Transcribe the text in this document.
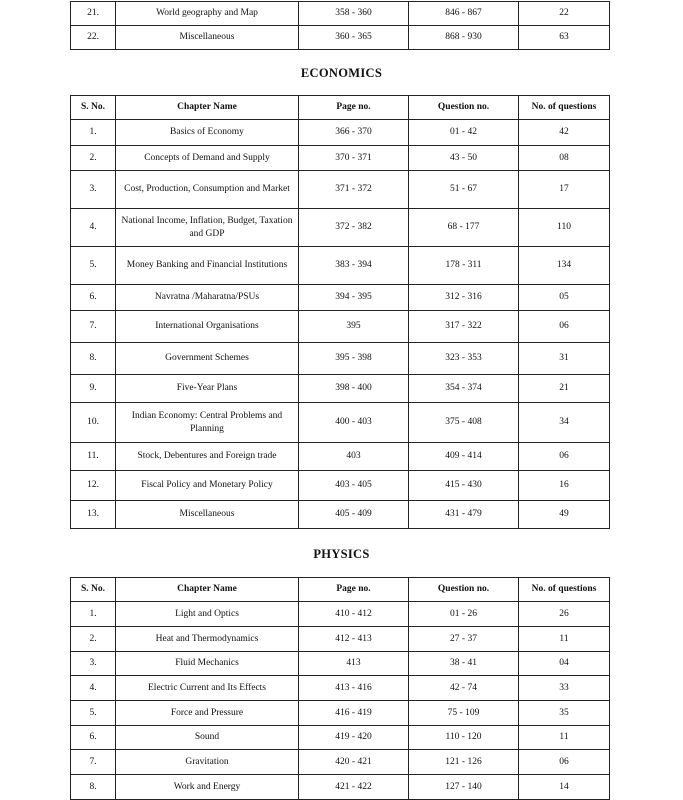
21.	World geography and Map	358 - 360	846 - 867	22
22.	Miscellaneous	360 - 365	868 - 930	63
ECONOMICS
S. No.	Chapter Name	Page no.	Question no.	No. of questions
1.	Basics of Economy	366 - 370	01 - 42	42
2.	Concepts of Demand and Supply	370 - 371	43 - 50	08
3.	Cost, Production, Consumption and Market	371 - 372	51 - 67	17
4.	National Income, Inflation, Budget, Taxation and GDP	372 - 382	68 - 177	110
5.	Money Banking and Financial Institutions	383 - 394	178 - 311	134
6.	Navratna /Maharatna/PSUs	394 - 395	312 - 316	05
7.	International Organisations	395	317 - 322	06
8.	Government Schemes	395 - 398	323 - 353	31
9.	Five-Year Plans	398 - 400	354 - 374	21
10.	Indian Economy: Central Problems and Planning	400 - 403	375 - 408	34
11.	Stock, Debentures and Foreign trade	403	409 - 414	06
12.	Fiscal Policy and Monetary Policy	403 - 405	415 - 430	16
13.	Miscellaneous	405 - 409	431 - 479	49
PHYSICS
S. No.	Chapter Name	Page no.	Question no.	No. of questions
1.	Light and Optics	410 - 412	01 - 26	26
2.	Heat and Thermodynamics	412 - 413	27 - 37	11
3.	Fluid Mechanics	413	38 - 41	04
4.	Electric Current and Its Effects	413 - 416	42 - 74	33
5.	Force and Pressure	416 - 419	75 - 109	35
6.	Sound	419 - 420	110 - 120	11
7.	Gravitation	420 - 421	121 - 126	06
8.	Work and Energy	421 - 422	127 - 140	14
